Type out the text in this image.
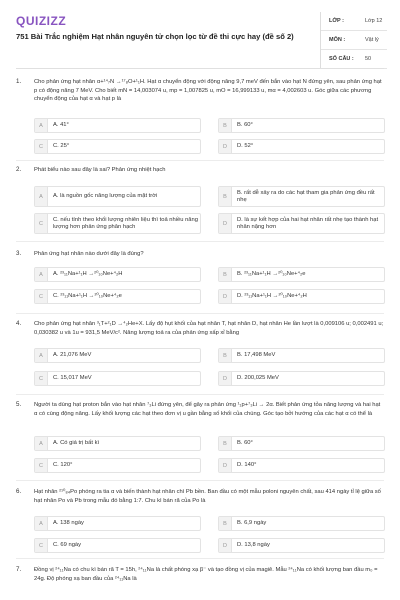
QUIZIZZ
751 Bài Trắc nghiệm Hạt nhân nguyên tử chọn lọc từ đề thi cực hay (đề số 2)
LỚP :	Lớp 12
MÔN :	Vật lý
SỐ CÂU : 50
1. Cho phản ứng hạt nhân α+¹⁴₇N →¹⁷₈O+¹₁H. Hạt α chuyển động với động năng 9,7 meV đến bắn vào hạt N đứng yên, sau phản ứng hạt p có động năng 7 MeV. Cho biết mN = 14,003074 u, mp = 1,007825 u, mO = 16,999133 u, mα = 4,002603 u. Góc giữa các phương chuyển động của hạt α và hạt p là
A	A. 41°	B	B. 60°
C	C. 25°	D	D. 52°
2. Phát biểu nào sau đây là sai? Phản ứng nhiệt hạch
A	A. là nguồn gốc năng lượng của mặt trời	B
B. rất dễ xảy ra do các hạt tham gia phản ứng đều rất nhẹ
C
C. nếu tính theo khối lượng nhiên liệu thì toả nhiều năng lượng hơn phản ứng phân hạch	D
D. là sự kết hợp của hai hạt nhân rất nhẹ tạo thành hạt nhân nặng hơn
3. Phản ứng hạt nhân nào dưới đây là đúng?
A	A. ²³₁₁Na+¹₁H →²⁰₁₀Ne+⁴₂H	B	B. ²³₁₁Na+¹₁H →²⁰₁₀Ne+⁴₂e
C	C. ²³₁₁Na+¹₁H →²⁰₁₀Ne+⁴₂e	D	D. ²³₁₁Na+¹₁H →²⁰₁₀Ne+⁴₂H
4. Cho phản ứng hạt nhân ³₁T+²₁D →⁴₂He+X. Lấy độ hụt khối của hạt nhân T, hạt nhân D, hạt nhân He lần lượt là 0,009106 u; 0,002491 u; 0,030382 u và 1u = 931,5 MeV/c². Năng lượng toả ra của phản ứng xấp xỉ bằng
A	A. 21,076 MeV	B	B. 17,498 MeV
C	C. 15,017 MeV	D	D. 200,025 MeV
5. Người ta dùng hạt proton bắn vào hạt nhân ⁷₃Li đứng yên, để gây ra phản ứng ¹₁p+⁷₃Li → 2α. Biết phản ứng tỏa năng lượng và hai hạt α có cùng động năng. Lấy khối lượng các hạt theo đơn vị u gần bằng số khối của chúng. Góc tạo bởi hướng của các hạt α có thể là
A	A. Có giá trị bất kì	B	B. 60°
C	C. 120°	D	D. 140°
6. Hạt nhân ²¹⁰₈₄Po phóng ra tia α và biến thành hạt nhân chì Pb bền. Ban đầu có một mẫu poloni nguyên chất, sau 414 ngày tỉ lệ giữa số hạt nhân Po và Pb trong mẫu đó bằng 1:7. Chu kì bán rã của Po là
A	A. 138 ngày	B	B. 6,9 ngày
C	C. 69 ngày	D	D. 13,8 ngày
7. Đồng vị ²⁴₁₁Na có chu kì bán rã T = 15h, ²⁴₁₁Na là chất phóng xạ β⁻ và tạo đồng vị của magiê. Mẫu ²⁴₁₁Na có khối lượng ban đầu m₀ = 24g. Độ phóng xạ ban đầu của ²⁴₁₁Na là
